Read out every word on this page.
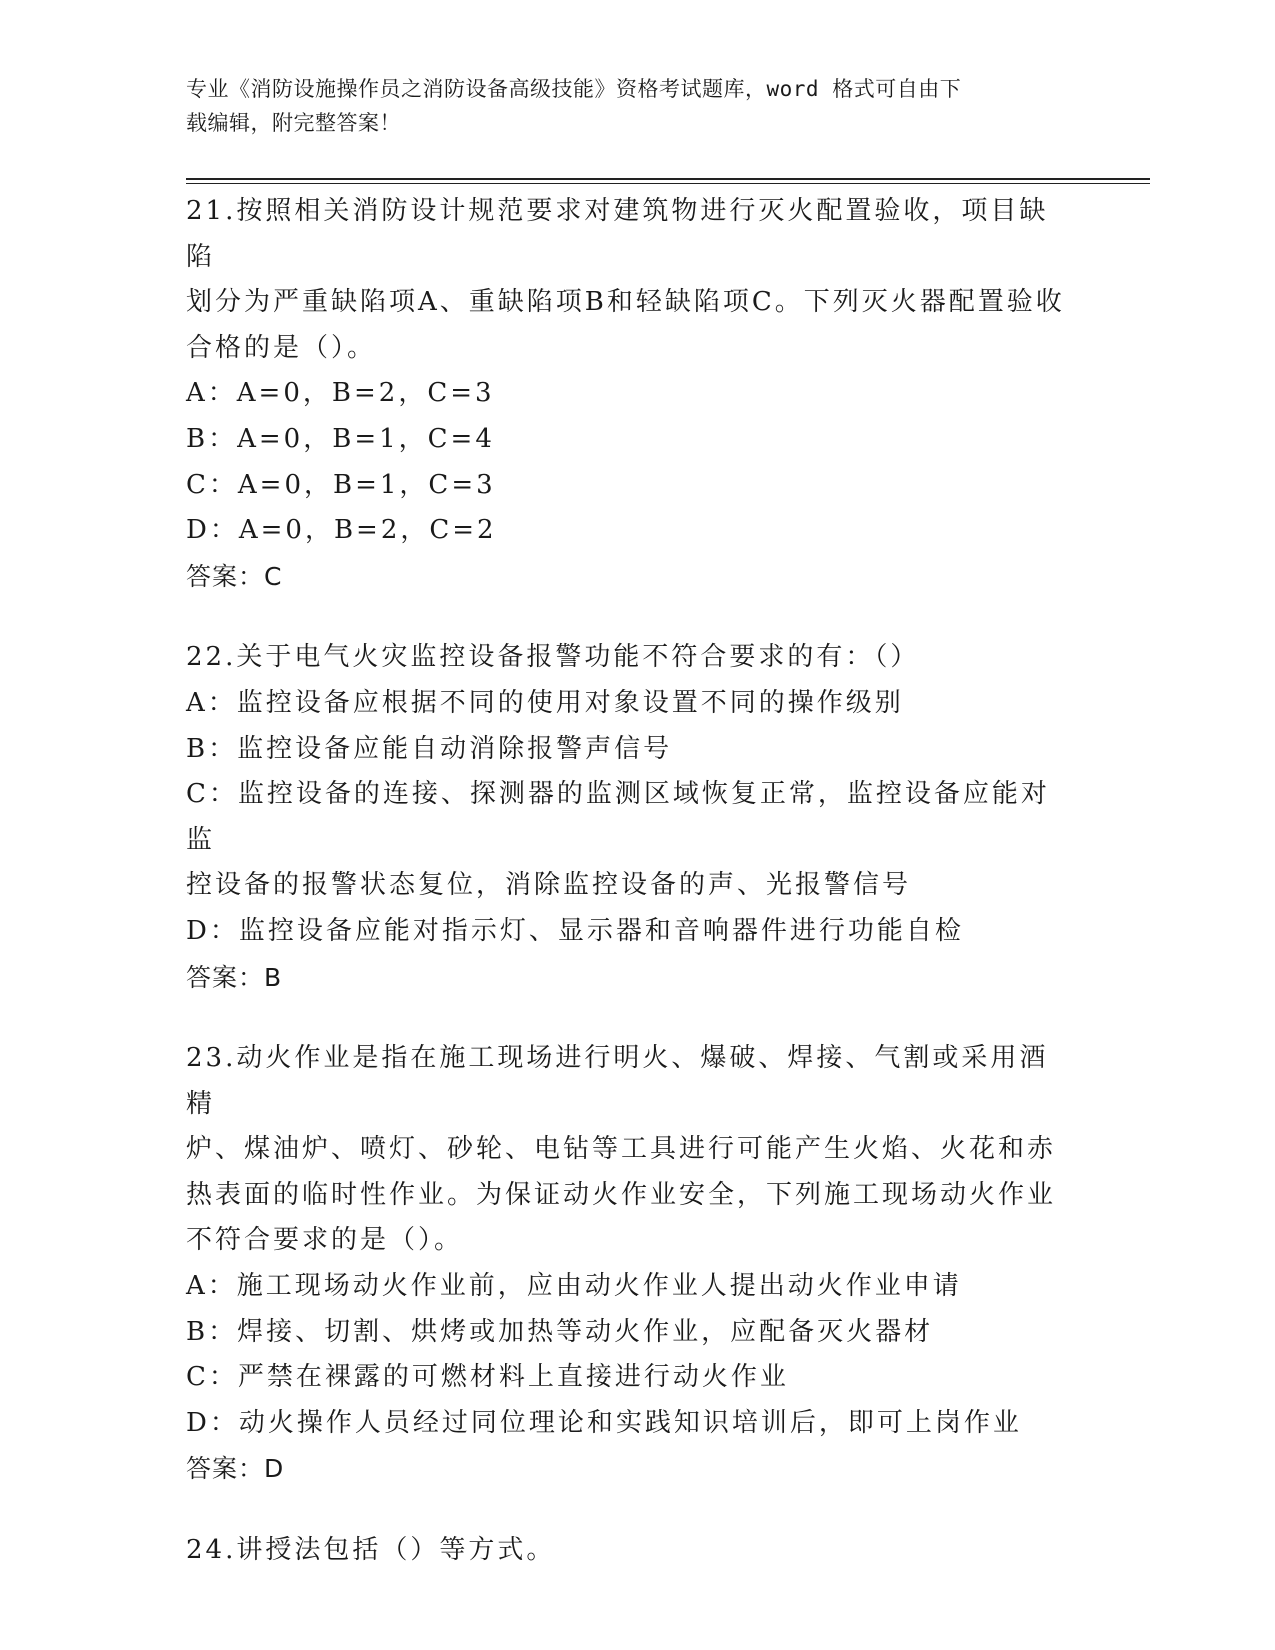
专业《消防设施操作员之消防设备高级技能》资格考试题库，word 格式可自由下
载编辑，附完整答案！
21.按照相关消防设计规范要求对建筑物进行灭火配置验收，项目缺陷
划分为严重缺陷项A、重缺陷项B和轻缺陷项C。下列灭火器配置验收
合格的是（）。
A：A=0，B=2，C=3
B：A=0，B=1，C=4
C：A=0，B=1，C=3
D：A=0，B=2，C=2
答案：C
22.关于电气火灾监控设备报警功能不符合要求的有：（）
A：监控设备应根据不同的使用对象设置不同的操作级别
B：监控设备应能自动消除报警声信号
C：监控设备的连接、探测器的监测区域恢复正常，监控设备应能对监
控设备的报警状态复位，消除监控设备的声、光报警信号
D：监控设备应能对指示灯、显示器和音响器件进行功能自检
答案：B
23.动火作业是指在施工现场进行明火、爆破、焊接、气割或采用酒精
炉、煤油炉、喷灯、砂轮、电钻等工具进行可能产生火焰、火花和赤
热表面的临时性作业。为保证动火作业安全，下列施工现场动火作业
不符合要求的是（）。
A：施工现场动火作业前，应由动火作业人提出动火作业申请
B：焊接、切割、烘烤或加热等动火作业，应配备灭火器材
C：严禁在裸露的可燃材料上直接进行动火作业
D：动火操作人员经过同位理论和实践知识培训后，即可上岗作业
答案：D
24.讲授法包括（）等方式。
